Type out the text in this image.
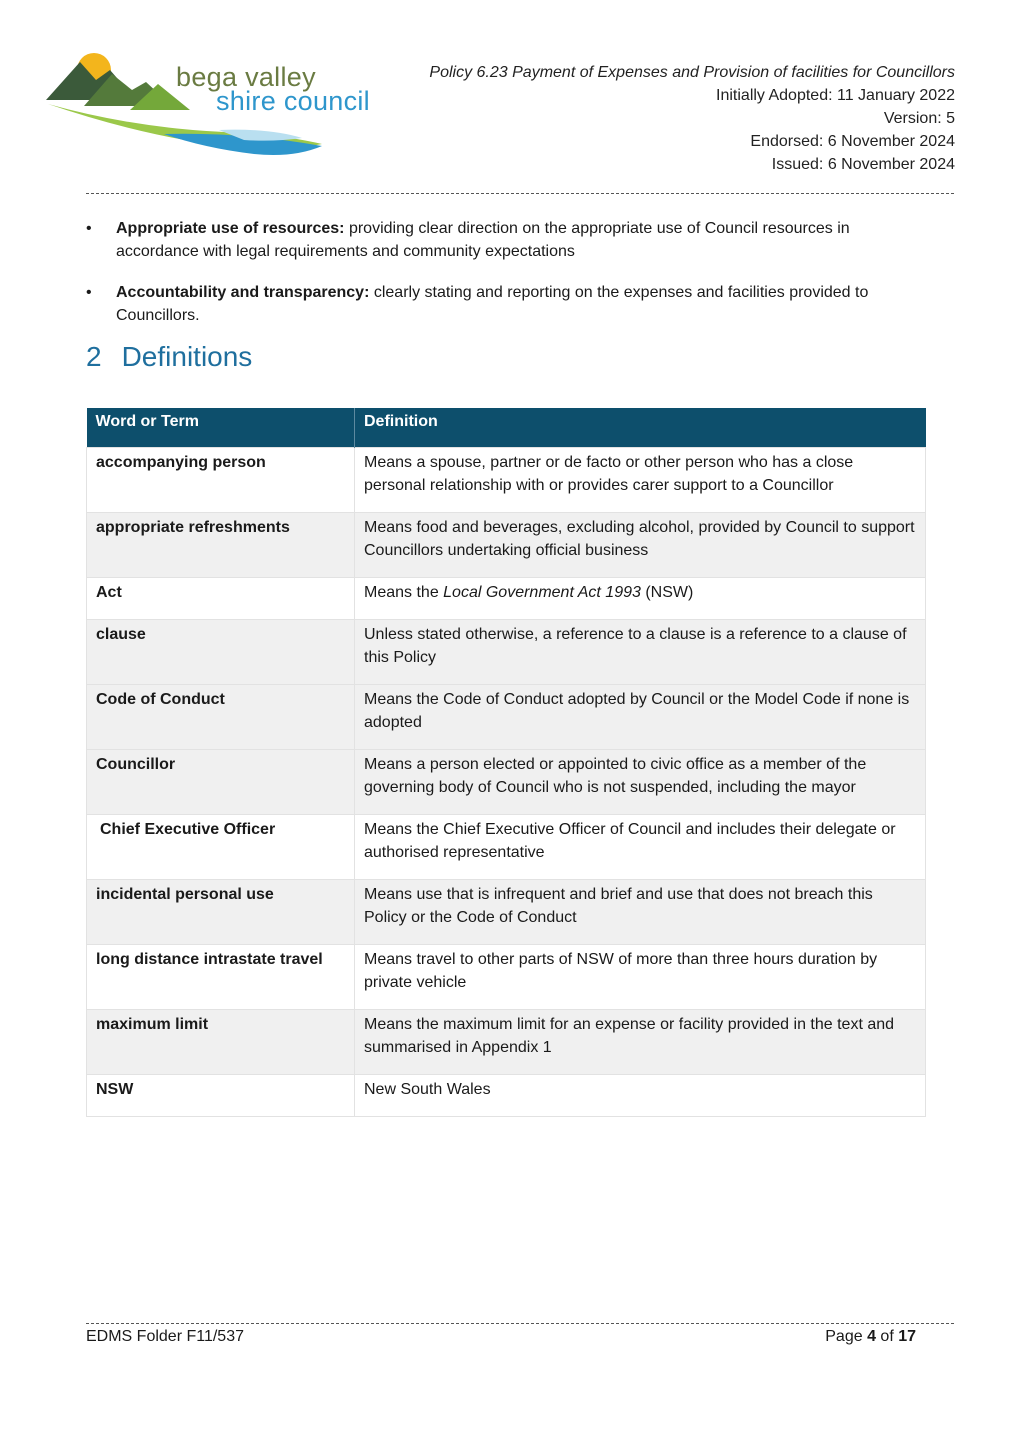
bega valley
shire council
Policy 6.23 Payment of Expenses and Provision of facilities for Councillors
Initially Adopted: 11 January 2022
Version: 5
Endorsed: 6 November 2024
Issued: 6 November 2024
• Appropriate use of resources: providing clear direction on the appropriate use of Council resources in accordance with legal requirements and community expectations
• Accountability and transparency: clearly stating and reporting on the expenses and facilities provided to Councillors.
2 Definitions
Word or Term	Definition
accompanying person	Means a spouse, partner or de facto or other person who has a close personal relationship with or provides carer support to a Councillor
appropriate refreshments	Means food and beverages, excluding alcohol, provided by Council to support Councillors undertaking official business
Act	Means the Local Government Act 1993 (NSW)
clause	Unless stated otherwise, a reference to a clause is a reference to a clause of this Policy
Code of Conduct	Means the Code of Conduct adopted by Council or the Model Code if none is adopted
Councillor	Means a person elected or appointed to civic office as a member of the governing body of Council who is not suspended, including the mayor
Chief Executive Officer	Means the Chief Executive Officer of Council and includes their delegate or authorised representative
incidental personal use	Means use that is infrequent and brief and use that does not breach this Policy or the Code of Conduct
long distance intrastate travel	Means travel to other parts of NSW of more than three hours duration by private vehicle
maximum limit	Means the maximum limit for an expense or facility provided in the text and summarised in Appendix 1
NSW	New South Wales
EDMS Folder F11/537	Page 4 of 17
